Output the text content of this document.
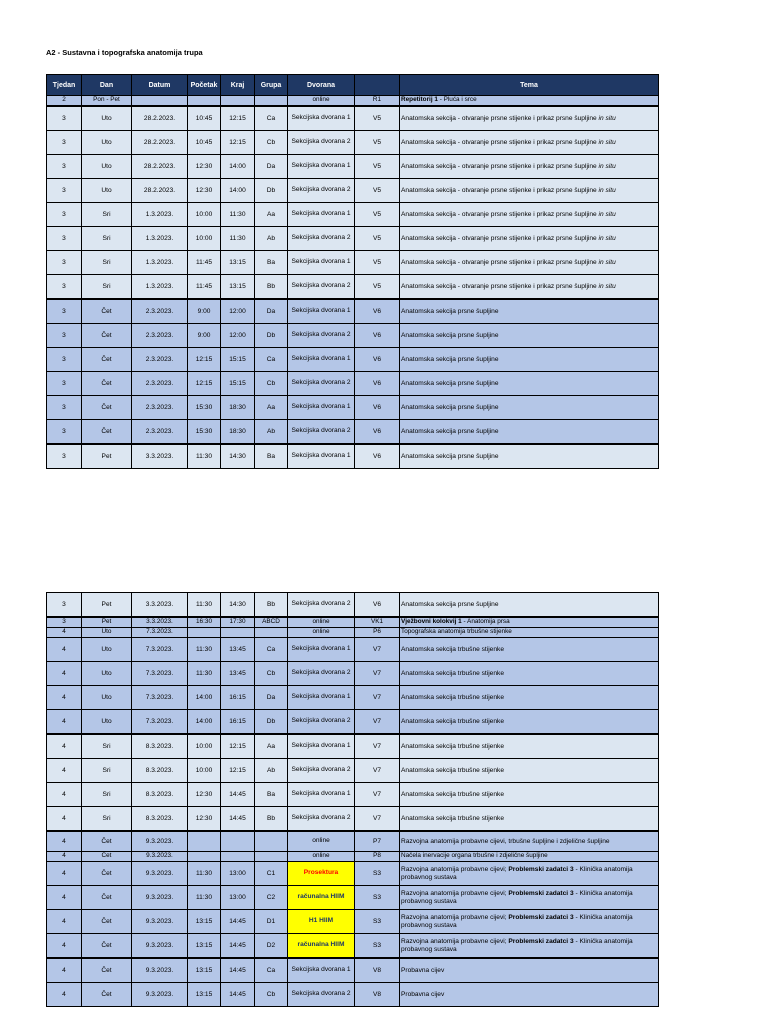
A2 - Sustavna i topografska anatomija trupa
Tjedan	Dan	Datum	Početak	Kraj	Grupa	Dvorana		Tema
2	Pon - Pet					online	R1	Repetitorij 1 - Pluća i srce
3	Uto	28.2.2023.	10:45	12:15	Ca	Sekcijska dvorana 1	V5	Anatomska sekcija - otvaranje prsne stijenke i prikaz prsne šupljine in situ
3	Uto	28.2.2023.	10:45	12:15	Cb	Sekcijska dvorana 2	V5	Anatomska sekcija - otvaranje prsne stijenke i prikaz prsne šupljine in situ
3	Uto	28.2.2023.	12:30	14:00	Da	Sekcijska dvorana 1	V5	Anatomska sekcija - otvaranje prsne stijenke i prikaz prsne šupljine in situ
3	Uto	28.2.2023.	12:30	14:00	Db	Sekcijska dvorana 2	V5	Anatomska sekcija - otvaranje prsne stijenke i prikaz prsne šupljine in situ
3	Sri	1.3.2023.	10:00	11:30	Aa	Sekcijska dvorana 1	V5	Anatomska sekcija - otvaranje prsne stijenke i prikaz prsne šupljine in situ
3	Sri	1.3.2023.	10:00	11:30	Ab	Sekcijska dvorana 2	V5	Anatomska sekcija - otvaranje prsne stijenke i prikaz prsne šupljine in situ
3	Sri	1.3.2023.	11:45	13:15	Ba	Sekcijska dvorana 1	V5	Anatomska sekcija - otvaranje prsne stijenke i prikaz prsne šupljine in situ
3	Sri	1.3.2023.	11:45	13:15	Bb	Sekcijska dvorana 2	V5	Anatomska sekcija - otvaranje prsne stijenke i prikaz prsne šupljine in situ
3	Čet	2.3.2023.	9:00	12:00	Da	Sekcijska dvorana 1	V6	Anatomska sekcija prsne šupljine
3	Čet	2.3.2023.	9:00	12:00	Db	Sekcijska dvorana 2	V6	Anatomska sekcija prsne šupljine
3	Čet	2.3.2023.	12:15	15:15	Ca	Sekcijska dvorana 1	V6	Anatomska sekcija prsne šupljine
3	Čet	2.3.2023.	12:15	15:15	Cb	Sekcijska dvorana 2	V6	Anatomska sekcija prsne šupljine
3	Čet	2.3.2023.	15:30	18:30	Aa	Sekcijska dvorana 1	V6	Anatomska sekcija prsne šupljine
3	Čet	2.3.2023.	15:30	18:30	Ab	Sekcijska dvorana 2	V6	Anatomska sekcija prsne šupljine
3	Pet	3.3.2023.	11:30	14:30	Ba	Sekcijska dvorana 1	V6	Anatomska sekcija prsne šupljine
3	Pet	3.3.2023.	11:30	14:30	Bb	Sekcijska dvorana 2	V6	Anatomska sekcija prsne šupljine
3	Pet	3.3.2023.	16:30	17:30	ABCD	online	VK1	Vježbovni kolokvij 1 - Anatomija prsa
4	Uto	7.3.2023.				online	P6	Topografska anatomija trbušne stijenke
4	Uto	7.3.2023.	11:30	13:45	Ca	Sekcijska dvorana 1	V7	Anatomska sekcija trbušne stijenke
4	Uto	7.3.2023.	11:30	13:45	Cb	Sekcijska dvorana 2	V7	Anatomska sekcija trbušne stijenke
4	Uto	7.3.2023.	14:00	16:15	Da	Sekcijska dvorana 1	V7	Anatomska sekcija trbušne stijenke
4	Uto	7.3.2023.	14:00	16:15	Db	Sekcijska dvorana 2	V7	Anatomska sekcija trbušne stijenke
4	Sri	8.3.2023.	10:00	12:15	Aa	Sekcijska dvorana 1	V7	Anatomska sekcija trbušne stijenke
4	Sri	8.3.2023.	10:00	12:15	Ab	Sekcijska dvorana 2	V7	Anatomska sekcija trbušne stijenke
4	Sri	8.3.2023.	12:30	14:45	Ba	Sekcijska dvorana 1	V7	Anatomska sekcija trbušne stijenke
4	Sri	8.3.2023.	12:30	14:45	Bb	Sekcijska dvorana 2	V7	Anatomska sekcija trbušne stijenke
4	Čet	9.3.2023.				online	P7	Razvojna anatomija probavne cijevi, trbušne šupljine i zdjelične šupljine
4	Čet	9.3.2023.				online	P8	Načela inervacije organa trbušne i zdjelične šupljine
4	Čet	9.3.2023.	11:30	13:00	C1	Prosektura	S3	Razvojna anatomija probavne cijevi; Problemski zadatci 3 - Klinička anatomija probavnog sustava
4	Čet	9.3.2023.	11:30	13:00	C2	računalna HIIM	S3	Razvojna anatomija probavne cijevi; Problemski zadatci 3 - Klinička anatomija probavnog sustava
4	Čet	9.3.2023.	13:15	14:45	D1	H1 HIIM	S3	Razvojna anatomija probavne cijevi; Problemski zadatci 3 - Klinička anatomija probavnog sustava
4	Čet	9.3.2023.	13:15	14:45	D2	računalna HIIM	S3	Razvojna anatomija probavne cijevi; Problemski zadatci 3 - Klinička anatomija probavnog sustava
4	Čet	9.3.2023.	13:15	14:45	Ca	Sekcijska dvorana 1	V8	Probavna cijev
4	Čet	9.3.2023.	13:15	14:45	Cb	Sekcijska dvorana 2	V8	Probavna cijev
